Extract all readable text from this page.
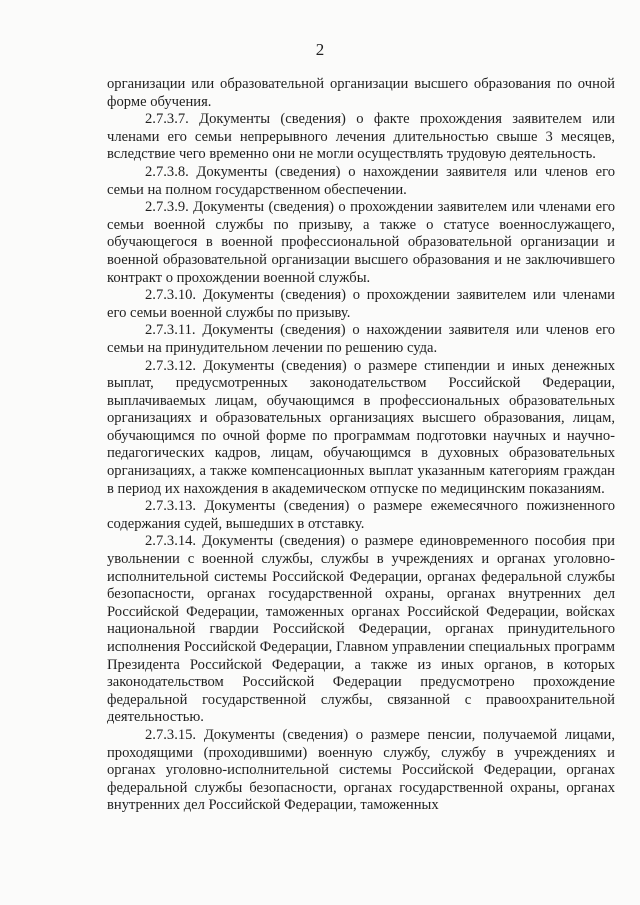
2

организации или образовательной организации высшего образования по очной форме обучения.

2.7.3.7. Документы (сведения) о факте прохождения заявителем или членами его семьи непрерывного лечения длительностью свыше 3 месяцев, вследствие чего временно они не могли осуществлять трудовую деятельность.

2.7.3.8. Документы (сведения) о нахождении заявителя или членов его семьи на полном государственном обеспечении.

2.7.3.9. Документы (сведения) о прохождении заявителем или членами его семьи военной службы по призыву, а также о статусе военнослужащего, обучающегося в военной профессиональной образовательной организации и военной образовательной организации высшего образования и не заключившего контракт о прохождении военной службы.

2.7.3.10. Документы (сведения) о прохождении заявителем или членами его семьи военной службы по призыву.

2.7.3.11. Документы (сведения) о нахождении заявителя или членов его семьи на принудительном лечении по решению суда.

2.7.3.12. Документы (сведения) о размере стипендии и иных денежных выплат, предусмотренных законодательством Российской Федерации, выплачиваемых лицам, обучающимся в профессиональных образовательных организациях и образовательных организациях высшего образования, лицам, обучающимся по очной форме по программам подготовки научных и научно-педагогических кадров, лицам, обучающимся в духовных образовательных организациях, а также компенсационных выплат указанным категориям граждан в период их нахождения в академическом отпуске по медицинским показаниям.

2.7.3.13. Документы (сведения) о размере ежемесячного пожизненного содержания судей, вышедших в отставку.

2.7.3.14. Документы (сведения) о размере единовременного пособия при увольнении с военной службы, службы в учреждениях и органах уголовно-исполнительной системы Российской Федерации, органах федеральной службы безопасности, органах государственной охраны, органах внутренних дел Российской Федерации, таможенных органах Российской Федерации, войсках национальной гвардии Российской Федерации, органах принудительного исполнения Российской Федерации, Главном управлении специальных программ Президента Российской Федерации, а также из иных органов, в которых законодательством Российской Федерации предусмотрено прохождение федеральной государственной службы, связанной с правоохранительной деятельностью.

2.7.3.15. Документы (сведения) о размере пенсии, получаемой лицами, проходящими (проходившими) военную службу, службу в учреждениях и органах уголовно-исполнительной системы Российской Федерации, органах федеральной службы безопасности, органах государственной охраны, органах внутренних дел Российской Федерации, таможенных
